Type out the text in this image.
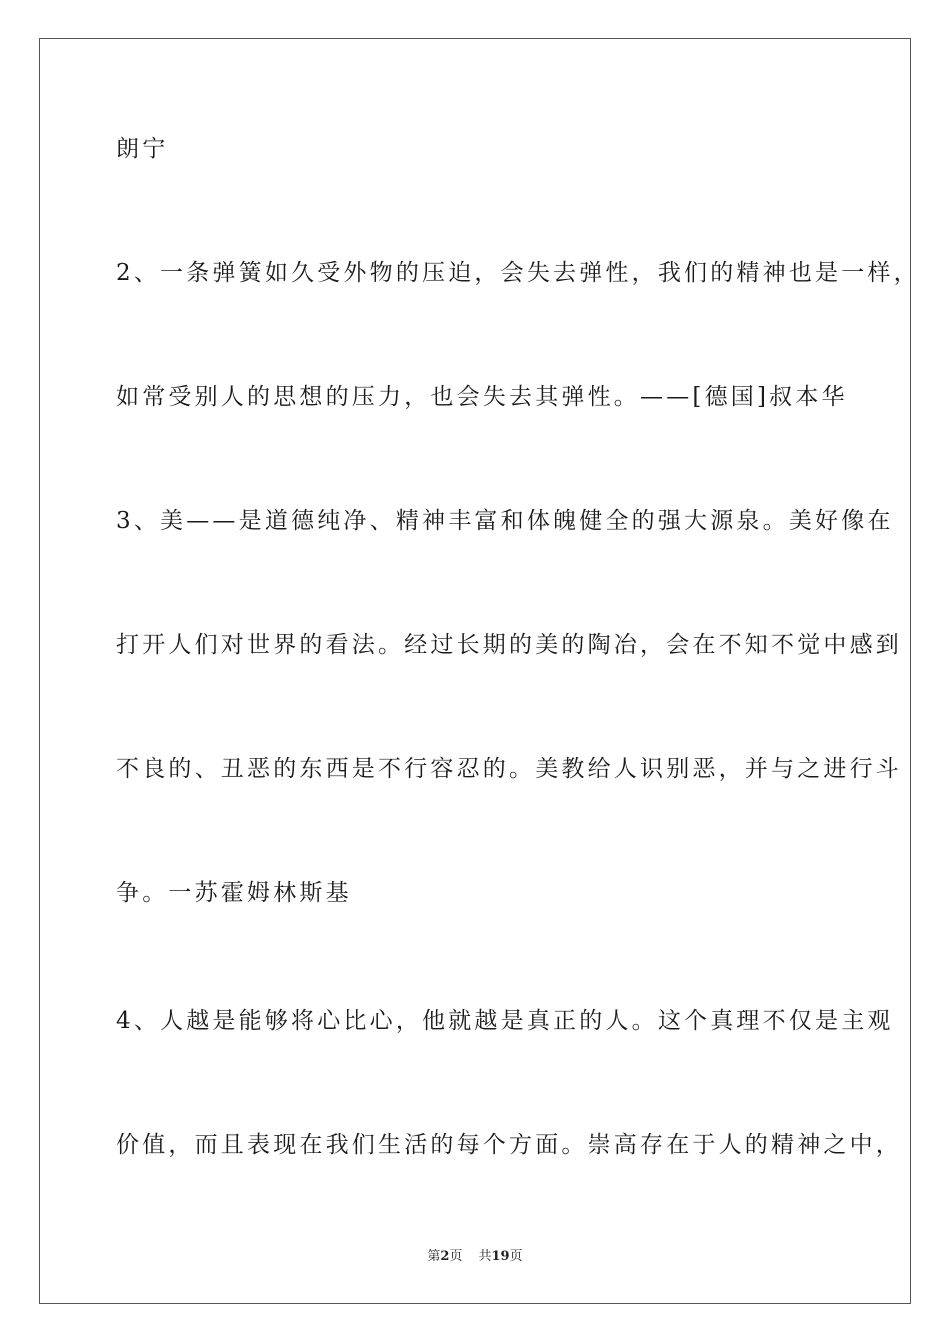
朗宁
2、一条弹簧如久受外物的压迫，会失去弹性，我们的精神也是一样，
如常受别人的思想的压力，也会失去其弹性。——[德国]叔本华
3、美——是道德纯净、精神丰富和体魄健全的强大源泉。美好像在
打开人们对世界的看法。经过长期的美的陶冶，会在不知不觉中感到
不良的、丑恶的东西是不行容忍的。美教给人识别恶，并与之进行斗
争。一苏霍姆林斯基
4、人越是能够将心比心，他就越是真正的人。这个真理不仅是主观
价值，而且表现在我们生活的每个方面。崇高存在于人的精神之中，
第2页 共19页
